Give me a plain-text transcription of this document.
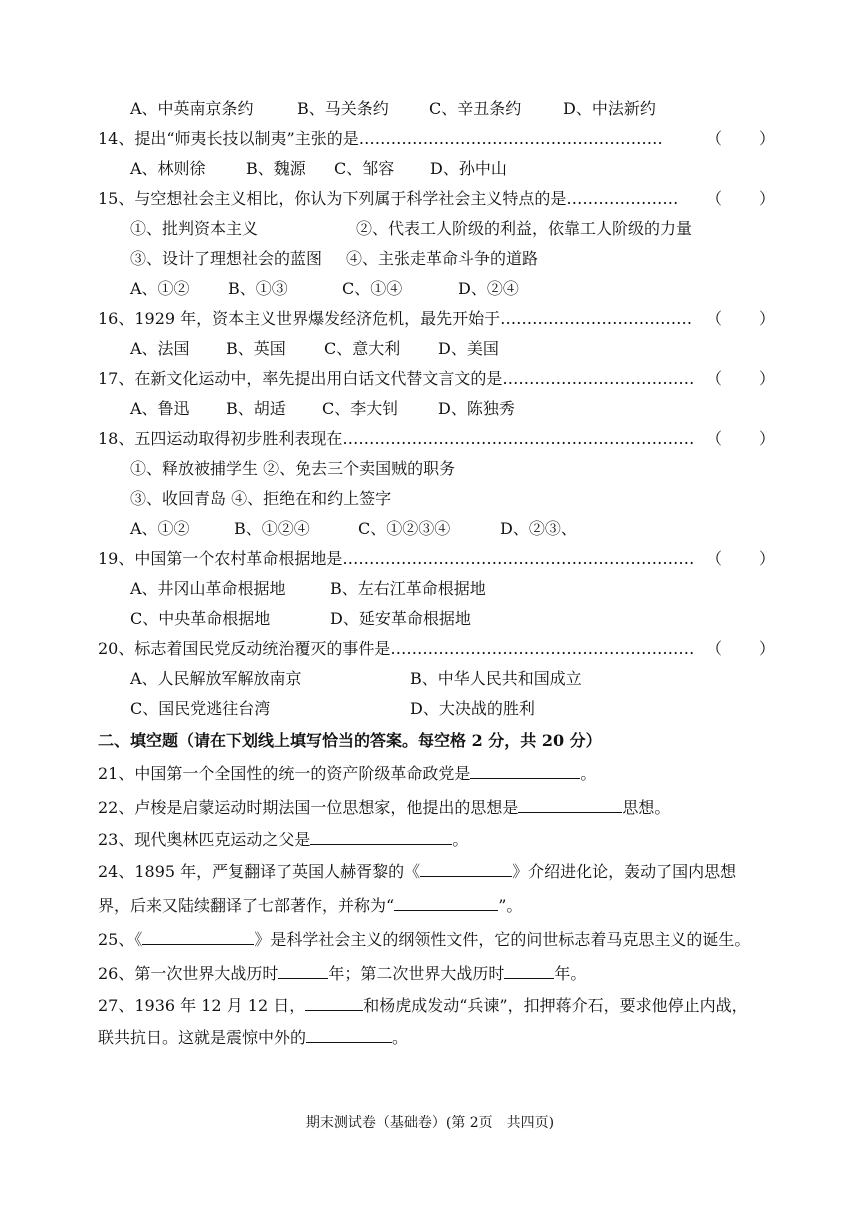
A、中英南京条约	B、马关条约	C、辛丑条约	D、中法新约
14、提出“师夷长技以制夷”主张的是…………………………………………………	（ ）
A、林则徐	B、魏源 C、邹容 D、孙中山
15、与空想社会主义相比，你认为下列属于科学社会主义特点的是…………………	（ ）
①、批判资本主义	②、代表工人阶级的利益，依靠工人阶级的力量
③、设计了理想社会的蓝图 ④、主张走革命斗争的道路
A、①② B、①③	C、①④	D、②④
16、1929 年，资本主义世界爆发经济危机，最先开始于……………………………… （ ）
A、法国 B、英国 C、意大利 D、美国
17、在新文化运动中，率先提出用白话文代替文言文的是……………………………… （ ）
A、鲁迅 B、胡适 C、李大钊 D、陈独秀
18、五四运动取得初步胜利表现在………………………………………………………… （ ）
①、释放被捕学生 ②、免去三个卖国贼的职务
③、收回青岛 ④、拒绝在和约上签字
A、①②	B、①②④	C、①②③④	D、②③、
19、中国第一个农村革命根据地是………………………………………………………… （ ）
A、井冈山革命根据地	B、左右江革命根据地
C、中央革命根据地	D、延安革命根据地
20、标志着国民党反动统治覆灭的事件是………………………………………………… （ ）
A、人民解放军解放南京	B、中华人民共和国成立
C、国民党逃往台湾	D、大决战的胜利
二、填空题（请在下划线上填写恰当的答案。每空格 2 分，共 20 分）
21、中国第一个全国性的统一的资产阶级革命政党是	。
22、卢梭是启蒙运动时期法国一位思想家，他提出的思想是	思想。
23、现代奥林匹克运动之父是	。
24、1895 年，严复翻译了英国人赫胥黎的《	》介绍进化论，轰动了国内思想
界，后来又陆续翻译了七部著作，并称为“	”。
25、《	》是科学社会主义的纲领性文件，它的问世标志着马克思主义的诞生。
26、第一次世界大战历时	年；第二次世界大战历时	年。
27、1936 年 12 月 12 日，	和杨虎成发动“兵谏”，扣押蒋介石，要求他停止内战，
联共抗日。这就是震惊中外的	。
期末测试卷（基础卷）(第 2页　共四页)
